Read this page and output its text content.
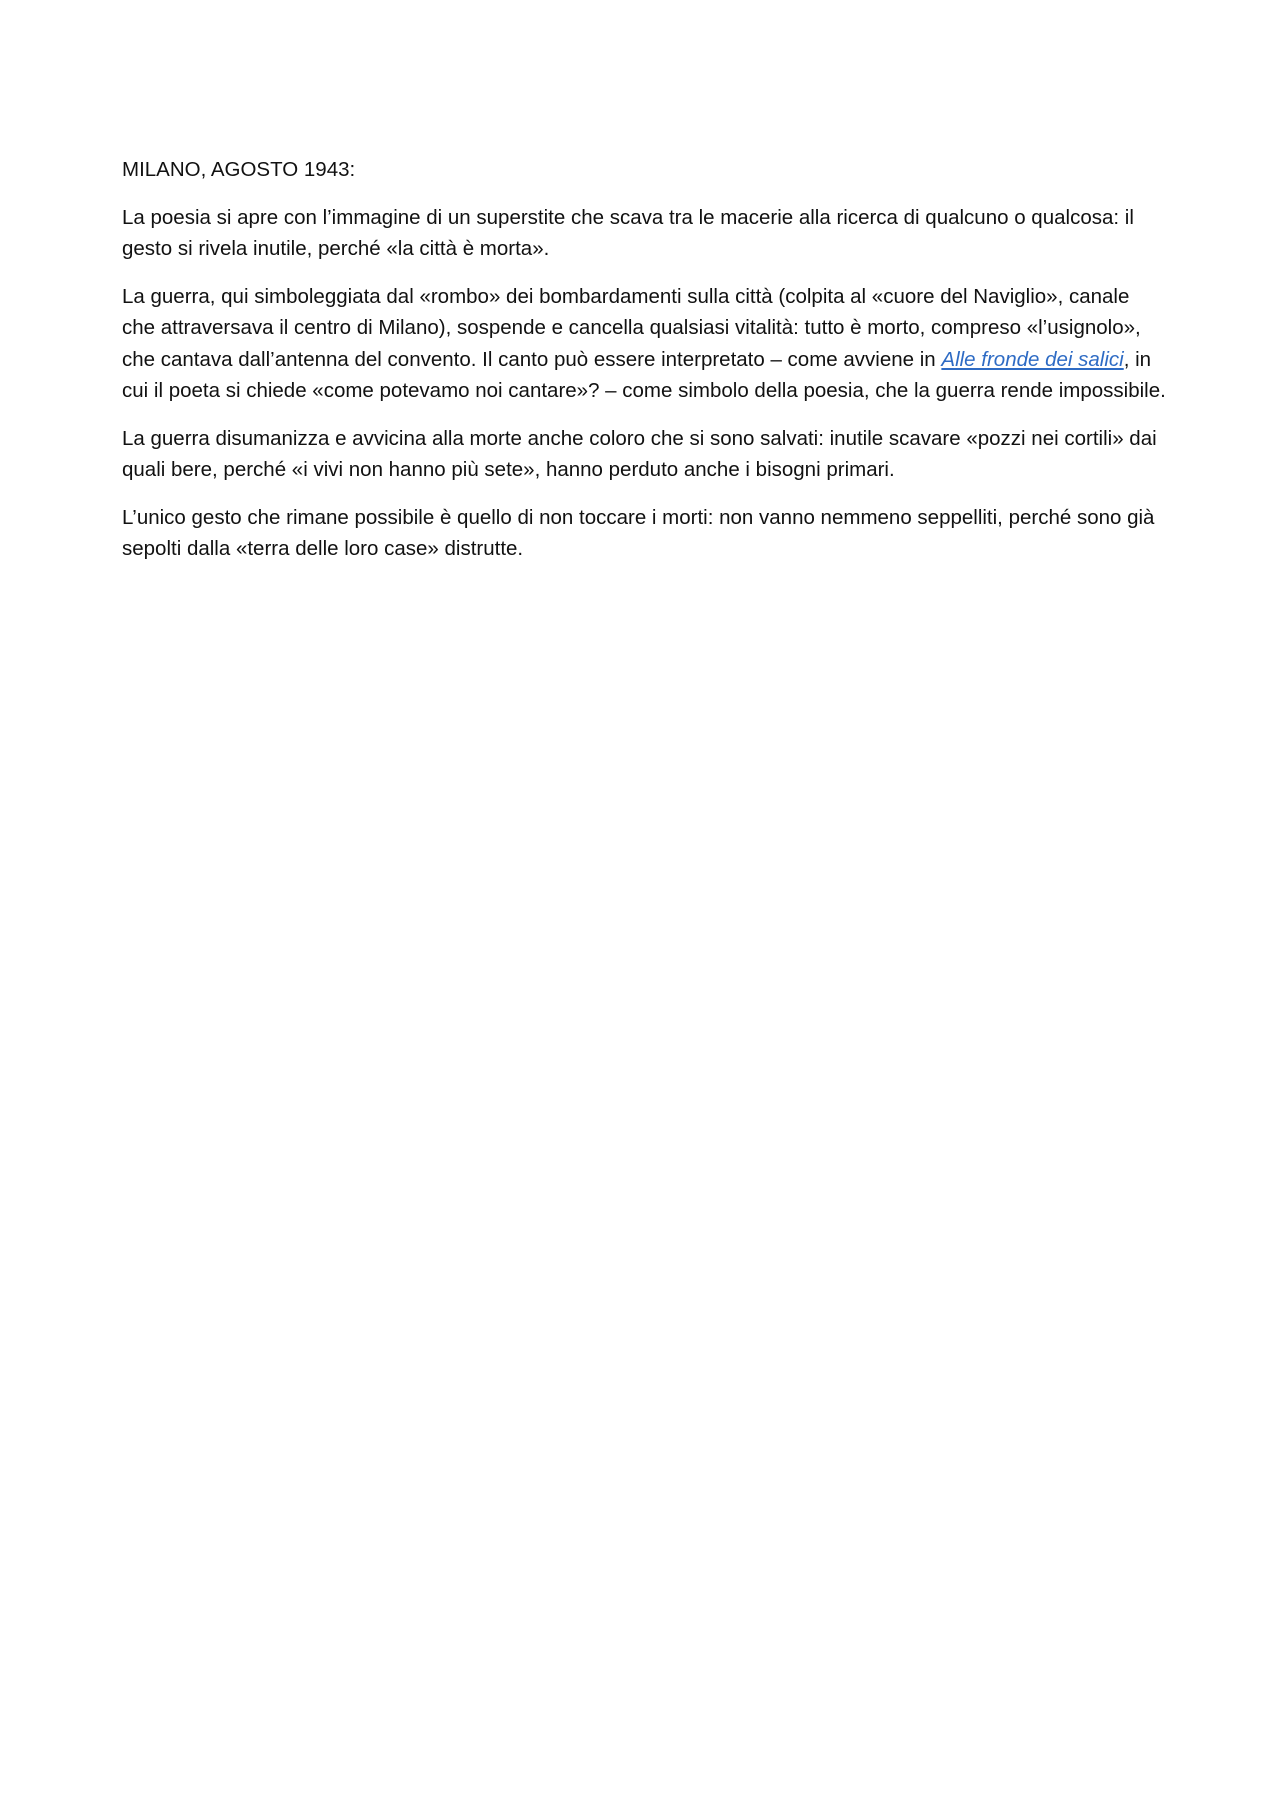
MILANO, AGOSTO 1943:

La poesia si apre con l’immagine di un superstite che scava tra le macerie alla ricerca di qualcuno o qualcosa: il gesto si rivela inutile, perché «la città è morta».

La guerra, qui simboleggiata dal «rombo» dei bombardamenti sulla città (colpita al «cuore del Naviglio», canale che attraversava il centro di Milano), sospende e cancella qualsiasi vitalità: tutto è morto, compreso «l’usignolo», che cantava dall’antenna del convento. Il canto può essere interpretato – come avviene in Alle fronde dei salici, in cui il poeta si chiede «come potevamo noi cantare»? – come simbolo della poesia, che la guerra rende impossibile.

La guerra disumanizza e avvicina alla morte anche coloro che si sono salvati: inutile scavare «pozzi nei cortili» dai quali bere, perché «i vivi non hanno più sete», hanno perduto anche i bisogni primari.

L’unico gesto che rimane possibile è quello di non toccare i morti: non vanno nemmeno seppelliti, perché sono già sepolti dalla «terra delle loro case» distrutte.
